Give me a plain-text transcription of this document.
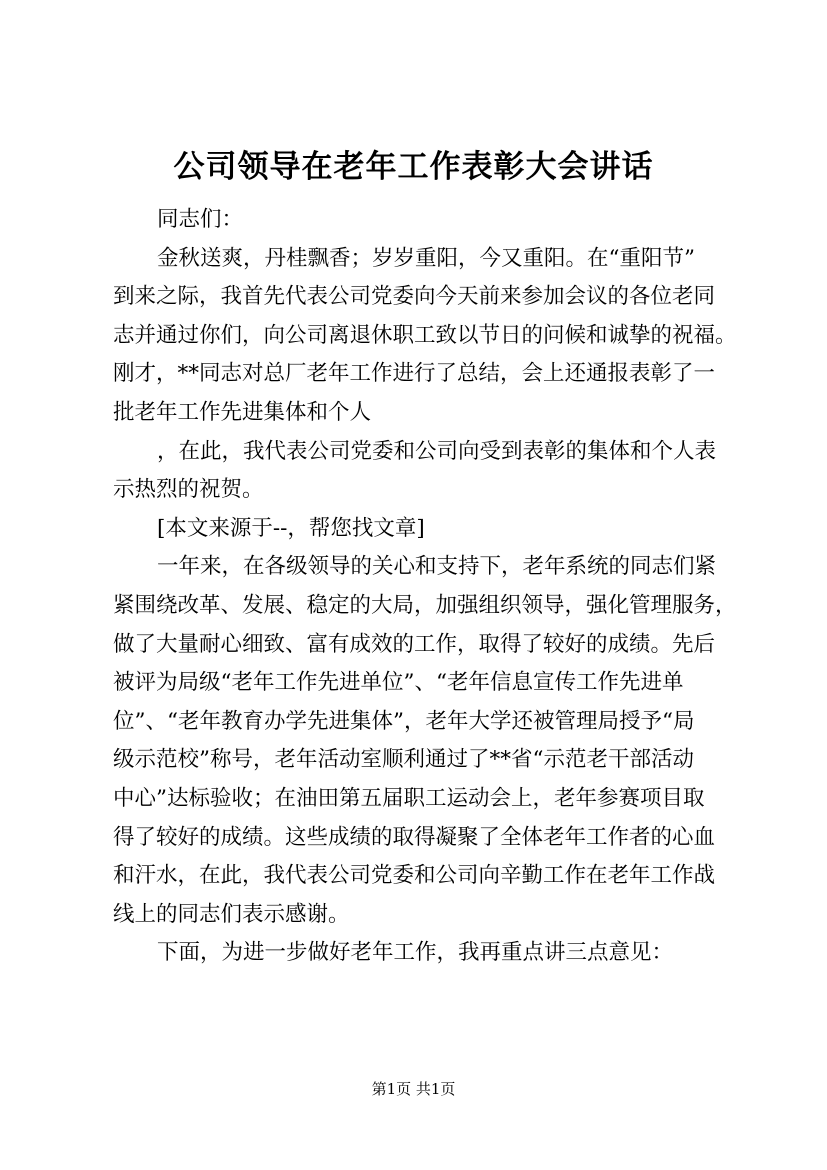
公司领导在老年工作表彰大会讲话
同志们：
金秋送爽，丹桂飘香；岁岁重阳，今又重阳。在“重阳节”
到来之际，我首先代表公司党委向今天前来参加会议的各位老同
志并通过你们，向公司离退休职工致以节日的问候和诚挚的祝福。
刚才，**同志对总厂老年工作进行了总结，会上还通报表彰了一
批老年工作先进集体和个人
，在此，我代表公司党委和公司向受到表彰的集体和个人表
示热烈的祝贺。
[本文来源于--，帮您找文章]
一年来，在各级领导的关心和支持下，老年系统的同志们紧
紧围绕改革、发展、稳定的大局，加强组织领导，强化管理服务，
做了大量耐心细致、富有成效的工作，取得了较好的成绩。先后
被评为局级“老年工作先进单位”、“老年信息宣传工作先进单
位”、“老年教育办学先进集体”，老年大学还被管理局授予“局
级示范校”称号，老年活动室顺利通过了**省“示范老干部活动
中心”达标验收；在油田第五届职工运动会上，老年参赛项目取
得了较好的成绩。这些成绩的取得凝聚了全体老年工作者的心血
和汗水，在此，我代表公司党委和公司向辛勤工作在老年工作战
线上的同志们表示感谢。
下面，为进一步做好老年工作，我再重点讲三点意见：
第1页 共1页
